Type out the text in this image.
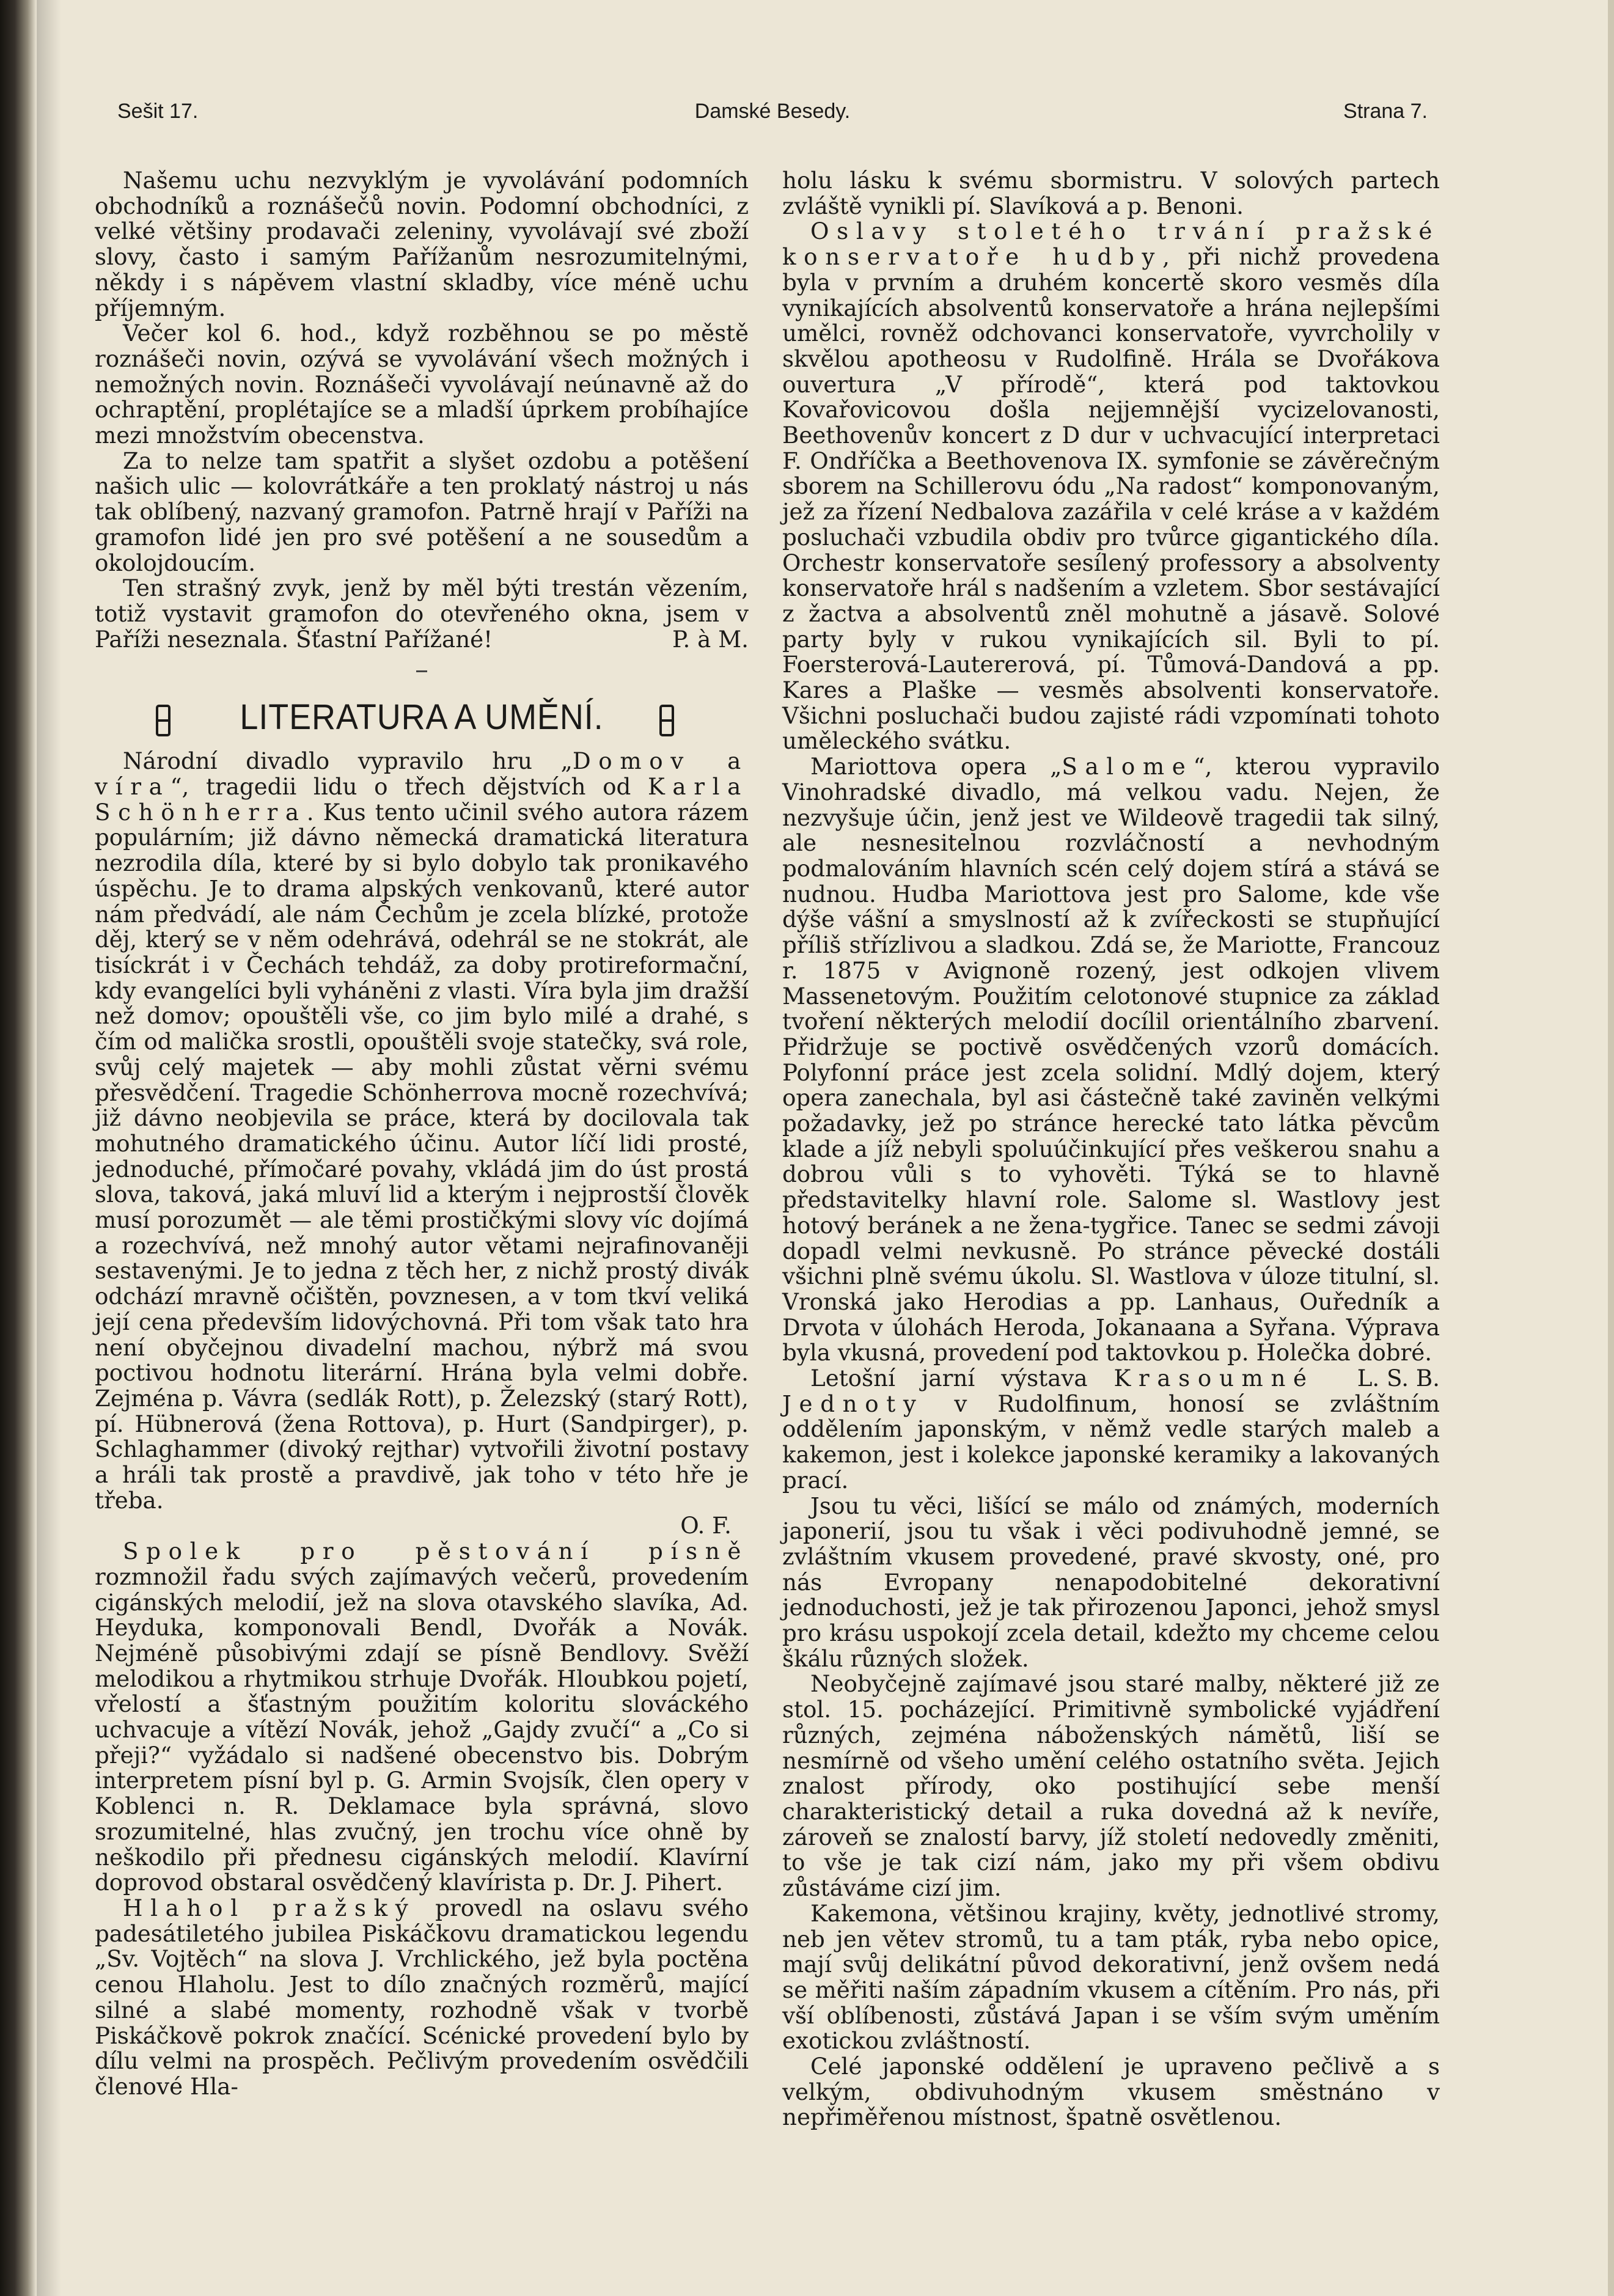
Sešit 17.	Damské Besedy.	Strana 7.

Našemu uchu nezvyklým je vyvolávání podomních obchodníků a roznášečů novin. Podomní obchodníci, z velké většiny prodavači zeleniny, vyvolávají své zboží slovy, často i samým Pařížanům nesrozumitelnými, někdy i s nápěvem vlastní skladby, více méně uchu příjemným.

Večer kol 6. hod., když rozběhnou se po městě roznášeči novin, ozývá se vyvolávání všech možných i nemožných novin. Roznášeči vyvolávají neúnavně až do ochraptění, proplétajíce se a mladší úprkem probíhajíce mezi množstvím obecenstva.

Za to nelze tam spatřit a slyšet ozdobu a potěšení našich ulic — kolovrátkáře a ten proklatý nástroj u nás tak oblíbený, nazvaný gramofon. Patrně hrají v Paříži na gramofon lidé jen pro své potěšení a ne sousedům a okolojdoucím.

Ten strašný zvyk, jenž by měl býti trestán vězením, totiž vystavit gramofon do otevřeného okna, jsem v Paříži neseznala. Šťastní Pařížané!	P. à M.

LITERATURA A UMĚNÍ.

Národní divadlo vypravilo hru „Domov a víra“, tragedii lidu o třech dějstvích od Karla Schönherra. Kus tento učinil svého autora rázem populárním; již dávno německá dramatická literatura nezrodila díla, které by si bylo dobylo tak pronikavého úspěchu. Je to drama alpských venkovanů, které autor nám předvádí, ale nám Čechům je zcela blízké, protože děj, který se v něm odehrává, odehrál se ne stokrát, ale tisíckrát i v Čechách tehdáž, za doby protireformační, kdy evangelíci byli vyháněni z vlasti. Víra byla jim dražší než domov; opouštěli vše, co jim bylo milé a drahé, s čím od malička srostli, opouštěli svoje statečky, svá role, svůj celý majetek — aby mohli zůstat věrni svému přesvědčení. Tragedie Schönherrova mocně rozechvívá; již dávno neobjevila se práce, která by docilovala tak mohutného dramatického účinu. Autor líčí lidi prosté, jednoduché, přímočaré povahy, vkládá jim do úst prostá slova, taková, jaká mluví lid a kterým i nejprostší člověk musí porozumět — ale těmi prostičkými slovy víc dojímá a rozechvívá, než mnohý autor větami nejrafinovaněji sestavenými. Je to jedna z těch her, z nichž prostý divák odchází mravně očištěn, povznesen, a v tom tkví veliká její cena především lidovýchovná. Při tom však tato hra není obyčejnou divadelní machou, nýbrž má svou poctivou hodnotu literární. Hrána byla velmi dobře. Zejména p. Vávra (sedlák Rott), p. Železský (starý Rott), pí. Hübnerová (žena Rottova), p. Hurt (Sandpirger), p. Schlaghammer (divoký rejthar) vytvořili životní postavy a hráli tak prostě a pravdivě, jak toho v této hře je třeba.

O. F.

Spolek pro pěstování písně rozmnožil řadu svých zajímavých večerů, provedením cigánských melodií, jež na slova otavského slavíka, Ad. Heyduka, komponovali Bendl, Dvořák a Novák. Nejméně působivými zdají se písně Bendlovy. Svěží melodikou a rhytmikou strhuje Dvořák. Hloubkou pojetí, vřelostí a šťastným použitím koloritu slováckého uchvacuje a vítězí Novák, jehož „Gajdy zvučí“ a „Co si přeji?“ vyžádalo si nadšené obecenstvo bis. Dobrým interpretem písní byl p. G. Armin Svojsík, člen opery v Koblenci n. R. Deklamace byla správná, slovo srozumitelné, hlas zvučný, jen trochu více ohně by neškodilo při přednesu cigánských melodií. Klavírní doprovod obstaral osvědčený klavírista p. Dr. J. Pihert.

Hlahol pražský provedl na oslavu svého padesátiletého jubilea Piskáčkovu dramatickou legendu „Sv. Vojtěch“ na slova J. Vrchlického, jež byla poctěna cenou Hlaholu. Jest to dílo značných rozměrů, mající silné a slabé momenty, rozhodně však v tvorbě Piskáčkově pokrok značící. Scénické provedení bylo by dílu velmi na prospěch. Pečlivým provedením osvědčili členové Hla-

holu lásku k svému sbormistru. V solových partech zvláště vynikli pí. Slavíková a p. Benoni.

Oslavy stoletého trvání pražské konservatoře hudby, při nichž provedena byla v prvním a druhém koncertě skoro vesměs díla vynikajících absolventů konservatoře a hrána nejlepšími umělci, rovněž odchovanci konservatoře, vyvrcholily v skvělou apotheosu v Rudolfině. Hrála se Dvořákova ouvertura „V přírodě“, která pod taktovkou Kovařovicovou došla nejjemnější vycizelovanosti, Beethovenův koncert z D dur v uchvacující interpretaci F. Ondříčka a Beethovenova IX. symfonie se závěrečným sborem na Schillerovu ódu „Na radost“ komponovaným, jež za řízení Nedbalova zazářila v celé kráse a v každém posluchači vzbudila obdiv pro tvůrce gigantického díla. Orchestr konservatoře sesílený professory a absolventy konservatoře hrál s nadšením a vzletem. Sbor sestávající z žactva a absolventů zněl mohutně a jásavě. Solové party byly v rukou vynikajících sil. Byli to pí. Foersterová-Lautererová, pí. Tůmová-Dandová a pp. Kares a Plaške — vesměs absolventi konservatoře. Všichni posluchači budou zajisté rádi vzpomínati tohoto uměleckého svátku.

Mariottova opera „Salome“, kterou vypravilo Vinohradské divadlo, má velkou vadu. Nejen, že nezvyšuje účin, jenž jest ve Wildeově tragedii tak silný, ale nesnesitelnou rozvláčností a nevhodným podmalováním hlavních scén celý dojem stírá a stává se nudnou. Hudba Mariottova jest pro Salome, kde vše dýše vášní a smyslností až k zvířeckosti se stupňující příliš střízlivou a sladkou. Zdá se, že Mariotte, Francouz r. 1875 v Avignoně rozený, jest odkojen vlivem Massenetovým. Použitím celotonové stupnice za základ tvoření některých melodií docílil orientálního zbarvení. Přidržuje se poctivě osvědčených vzorů domácích. Polyfonní práce jest zcela solidní. Mdlý dojem, který opera zanechala, byl asi částečně také zaviněn velkými požadavky, jež po stránce herecké tato látka pěvcům klade a jíž nebyli spoluúčinkující přes veškerou snahu a dobrou vůli s to vyhověti. Týká se to hlavně představitelky hlavní role. Salome sl. Wastlovy jest hotový beránek a ne žena-tygřice. Tanec se sedmi závoji dopadl velmi nevkusně. Po stránce pěvecké dostáli všichni plně svému úkolu. Sl. Wastlova v úloze titulní, sl. Vronská jako Herodias a pp. Lanhaus, Ouředník a Drvota v úlohách Heroda, Jokanaana a Syřana. Výprava byla vkusná, provedení pod taktovkou p. Holečka dobré.
L. S. B.

Letošní jarní výstava Krasoumné Jednoty v Rudolfinum, honosí se zvláštním oddělením japonským, v němž vedle starých maleb a kakemon, jest i kolekce japonské keramiky a lakovaných prací.

Jsou tu věci, lišící se málo od známých, moderních japonerií, jsou tu však i věci podivuhodně jemné, se zvláštním vkusem provedené, pravé skvosty, oné, pro nás Evropany nenapodobitelné dekorativní jednoduchosti, jež je tak přirozenou Japonci, jehož smysl pro krásu uspokojí zcela detail, kdežto my chceme celou škálu různých složek.

Neobyčejně zajímavé jsou staré malby, některé již ze stol. 15. pocházející. Primitivně symbolické vyjádření různých, zejména náboženských námětů, liší se nesmírně od všeho umění celého ostatního světa. Jejich znalost přírody, oko postihující sebe menší charakteristický detail a ruka dovedná až k nevíře, zároveň se znalostí barvy, jíž století nedovedly změniti, to vše je tak cizí nám, jako my při všem obdivu zůstáváme cizí jim.

Kakemona, většinou krajiny, květy, jednotlivé stromy, neb jen větev stromů, tu a tam pták, ryba nebo opice, mají svůj delikátní původ dekorativní, jenž ovšem nedá se měřiti naším západním vkusem a cítěním. Pro nás, při vší oblíbenosti, zůstává Japan i se vším svým uměním exotickou zvláštností.

Celé japonské oddělení je upraveno pečlivě a s velkým, obdivuhodným vkusem směstnáno v nepřiměřenou místnost, špatně osvětlenou.
